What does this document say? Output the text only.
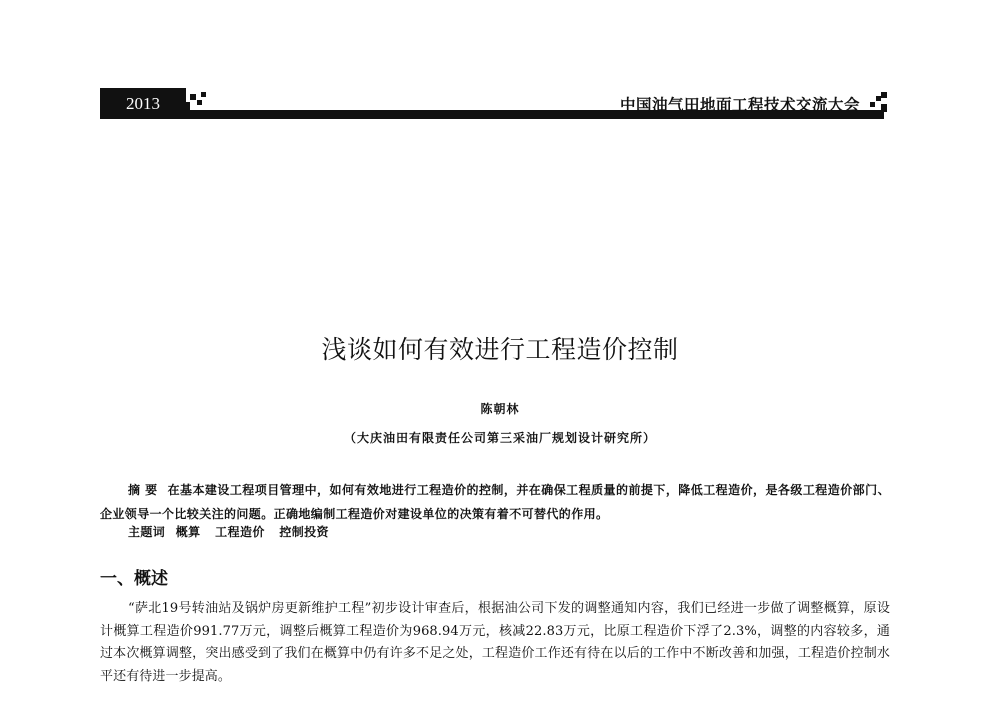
2013	中国油气田地面工程技术交流大会
浅谈如何有效进行工程造价控制
陈朝林
（大庆油田有限责任公司第三采油厂规划设计研究所）
摘 要 在基本建设工程项目管理中，如何有效地进行工程造价的控制，并在确保工程质量的前提下，降低工程造价，是各级工程造价部门、企业领导一个比较关注的问题。正确地编制工程造价对建设单位的决策有着不可替代的作用。
主题词 概算 工程造价 控制投资
一、概述
“萨北19号转油站及锅炉房更新维护工程”初步设计审查后，根据油公司下发的调整通知内容，我们已经进一步做了调整概算，原设计概算工程造价991.77万元，调整后概算工程造价为968.94万元，核减22.83万元，比原工程造价下浮了2.3%，调整的内容较多，通过本次概算调整，突出感受到了我们在概算中仍有许多不足之处，工程造价工作还有待在以后的工作中不断改善和加强，工程造价控制水平还有待进一步提高。
